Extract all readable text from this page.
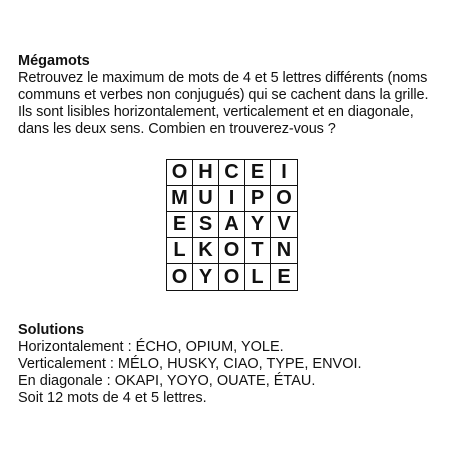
Mégamots

Retrouvez le maximum de mots de 4 et 5 lettres différents (noms communs et verbes non conjugués) qui se cachent dans la grille. Ils sont lisibles horizontalement, verticalement et en diagonale, dans les deux sens. Combien en trouverez-vous ?

O H C E I
M U I P O
E S A Y V
L K O T N
O Y O L E

Solutions

Horizontalement : ÉCHO, OPIUM, YOLE.

Verticalement : MÉLO, HUSKY, CIAO, TYPE, ENVOI.

En diagonale : OKAPI, YOYO, OUATE, ÉTAU.

Soit 12 mots de 4 et 5 lettres.
